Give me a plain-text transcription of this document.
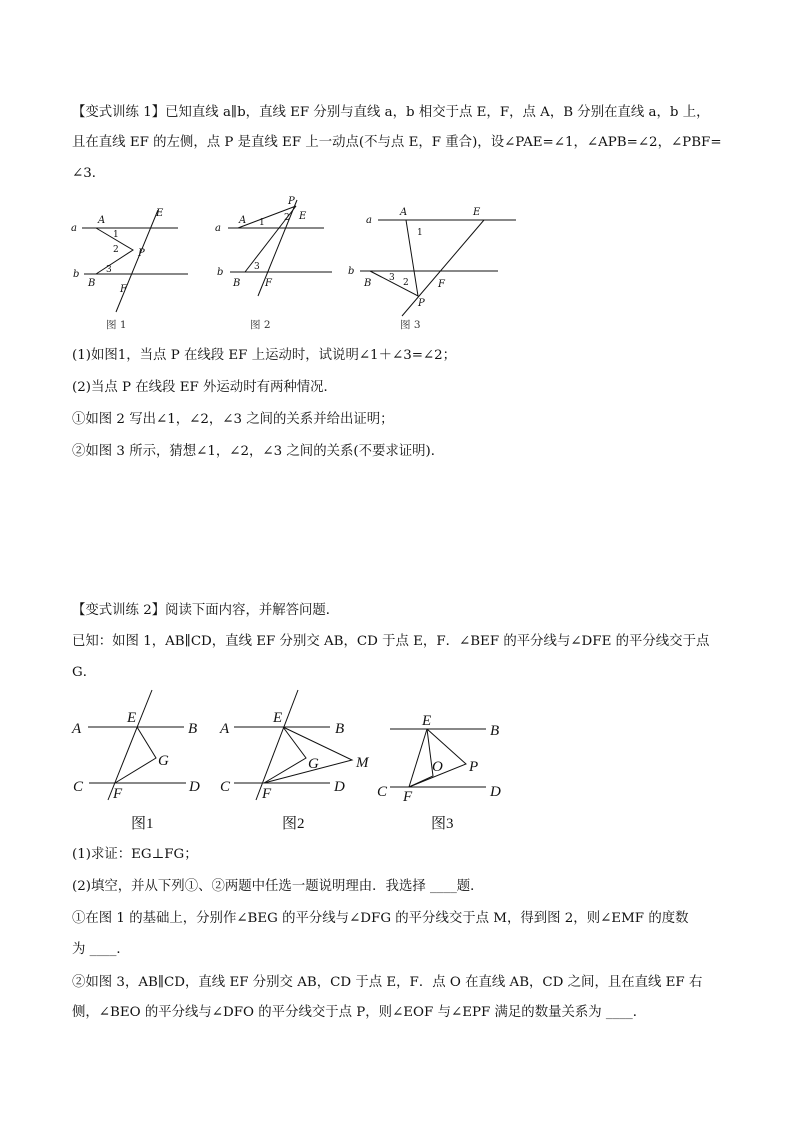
【变式训练 1】已知直线 a∥b，直线 EF 分别与直线 a，b 相交于点 E，F，点 A，B 分别在直线 a，b 上，
且在直线 EF 的左侧，点 P 是直线 EF 上一动点(不与点 E，F 重合)，设∠PAE=∠1，∠APB=∠2，∠PBF=
∠3．
a
b
A
B
E
F
P
1
2
3
图 1
a
b
A
B
E
F
P
1 2
3
图 2
a
b
A
B
E
F
P
1
2
3
图 3
(1)如图1，当点 P 在线段 EF 上运动时，试说明∠1＋∠3=∠2；
(2)当点 P 在线段 EF 外运动时有两种情况．
①如图 2 写出∠1，∠2，∠3 之间的关系并给出证明；
②如图 3 所示，猜想∠1，∠2，∠3 之间的关系(不要求证明)．
【变式训练 2】阅读下面内容，并解答问题．
已知：如图 1，AB∥CD，直线 EF 分别交 AB，CD 于点 E，F．∠BEF 的平分线与∠DFE 的平分线交于点
G．
A	B
C	D
E
F
G
图1
A	B
C	D
E
F
G M
图2
C
B
D
E
F
O P
图3
(1)求证：EG⊥FG；
(2)填空，并从下列①、②两题中任选一题说明理由．我选择 ____题．
①在图 1 的基础上，分别作∠BEG 的平分线与∠DFG 的平分线交于点 M，得到图 2，则∠EMF 的度数
为 ____．
②如图 3，AB∥CD，直线 EF 分别交 AB，CD 于点 E，F．点 O 在直线 AB，CD 之间，且在直线 EF 右
侧，∠BEO 的平分线与∠DFO 的平分线交于点 P，则∠EOF 与∠EPF 满足的数量关系为 ____．
